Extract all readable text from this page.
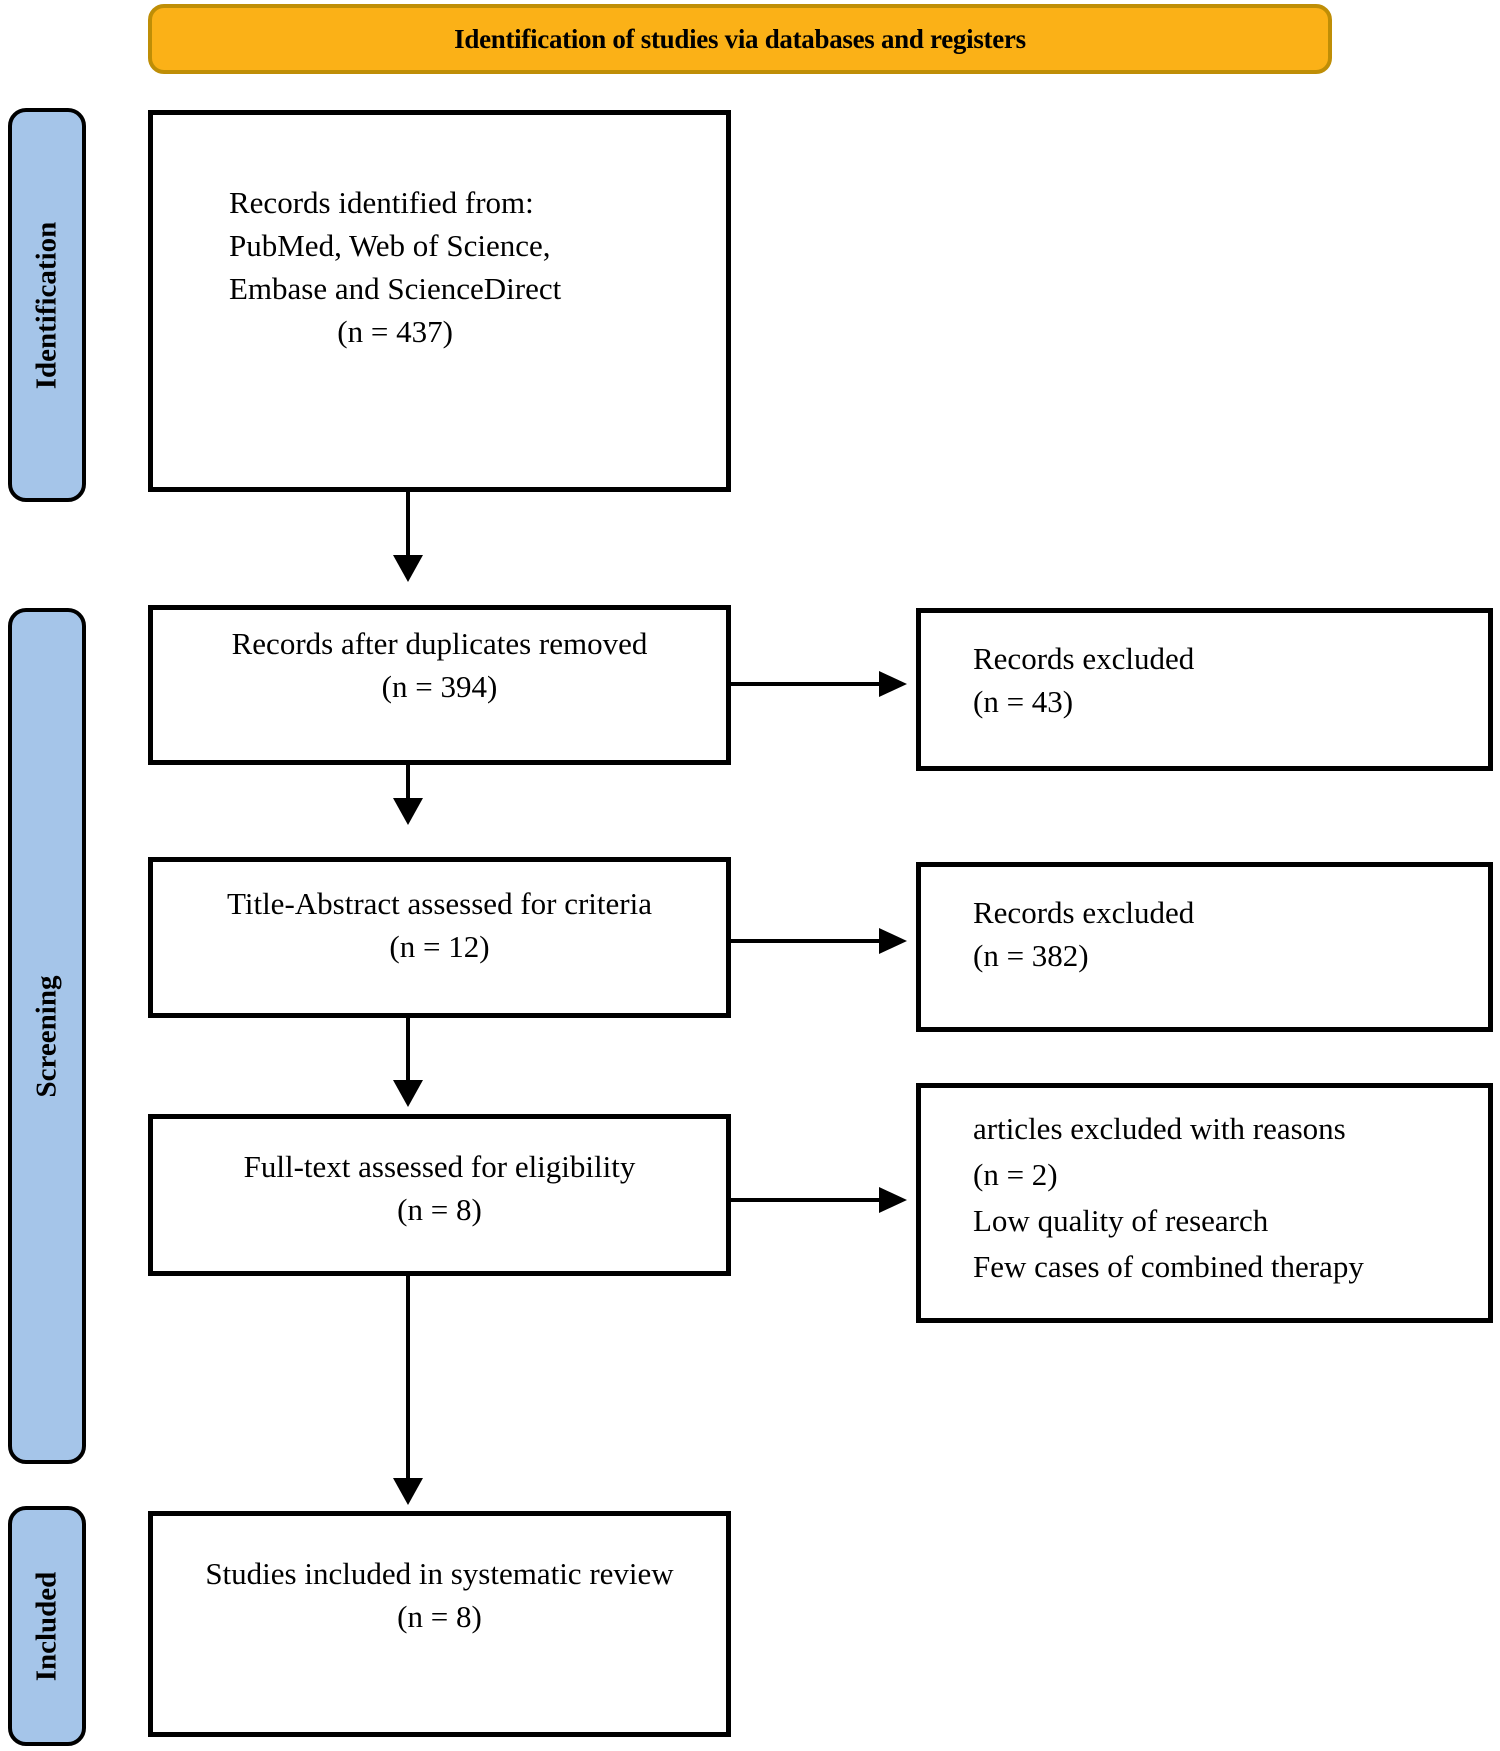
Identification of studies via databases and registers
Identification
Screening
Included
Records identified from:
PubMed, Web of Science,
Embase and ScienceDirect
(n = 437)
Records after duplicates removed
(n = 394)
Title-Abstract assessed for criteria
(n = 12)
Full-text assessed for eligibility
(n = 8)
Studies included in systematic review
(n = 8)
Records excluded
(n = 43)
Records excluded
(n = 382)
articles excluded with reasons
(n = 2)
Low quality of research
Few cases of combined therapy
